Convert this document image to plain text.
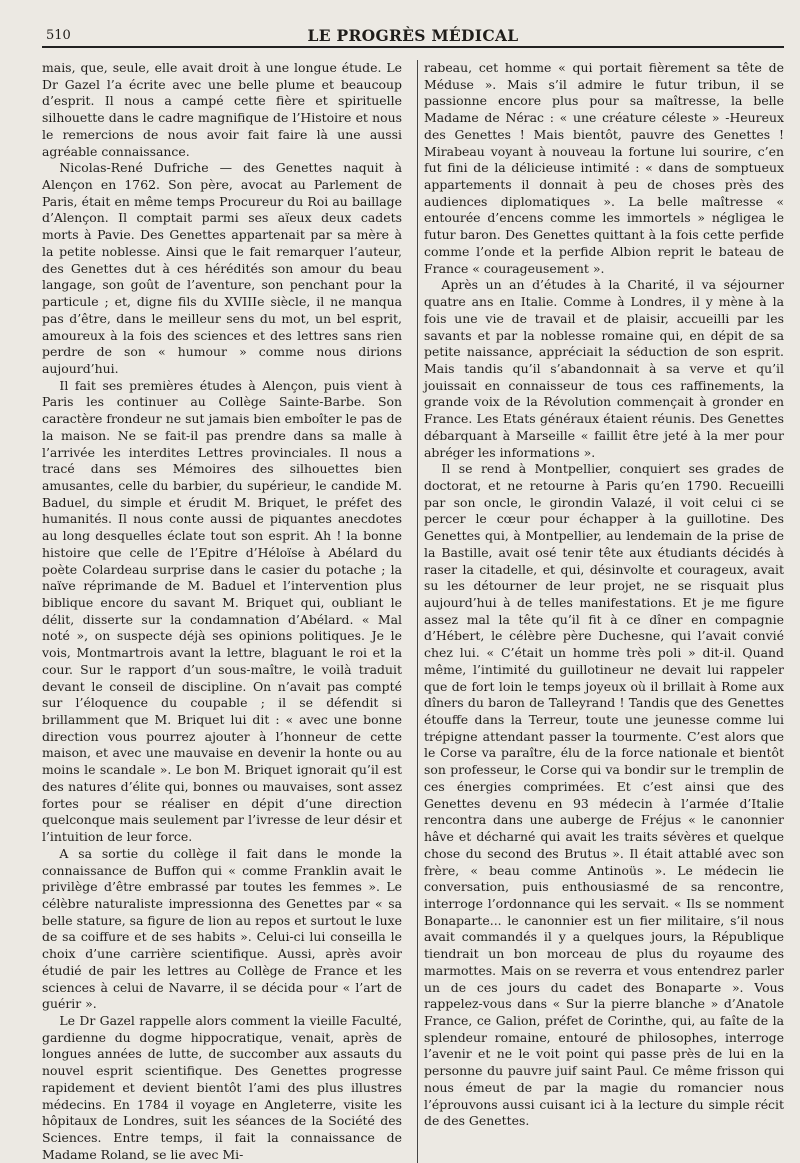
510	LE PROGRÈS MÉDICAL

mais, que, seule, elle avait droit à une longue étude. Le Dr Gazel l’a écrite avec une belle plume et beaucoup d’esprit. Il nous a campé cette fière et spirituelle silhouette dans le cadre magnifique de l’Histoire et nous le remercions de nous avoir fait faire là une aussi agréable connaissance.

Nicolas-René Dufriche — des Genettes naquit à Alençon en 1762. Son père, avocat au Parlement de Paris, était en même temps Procureur du Roi au baillage d’Alençon. Il comptait parmi ses aïeux deux cadets morts à Pavie. Des Genettes appartenait par sa mère à la petite noblesse. Ainsi que le fait remarquer l’auteur, des Genettes dut à ces hérédités son amour du beau langage, son goût de l’aventure, son penchant pour la particule ; et, digne fils du XVIIIe siècle, il ne manqua pas d’être, dans le meilleur sens du mot, un bel esprit, amoureux à la fois des sciences et des lettres sans rien perdre de son « humour » comme nous dirions aujourd’hui.

Il fait ses premières études à Alençon, puis vient à Paris les continuer au Collège Sainte-Barbe. Son caractère frondeur ne sut jamais bien emboîter le pas de la maison. Ne se fait-il pas prendre dans sa malle à l’arrivée les interdites Lettres provinciales. Il nous a tracé dans ses Mémoires des silhouettes bien amusantes, celle du barbier, du supérieur, le candide M. Baduel, du simple et érudit M. Briquet, le préfet des humanités. Il nous conte aussi de piquantes anecdotes au long desquelles éclate tout son esprit. Ah ! la bonne histoire que celle de l’Epitre d’Héloïse à Abélard du poète Colardeau surprise dans le casier du potache ; la naïve réprimande de M. Baduel et l’intervention plus biblique encore du savant M. Briquet qui, oubliant le délit, disserte sur la condamnation d’Abélard. « Mal noté », on suspecte déjà ses opinions politiques. Je le vois, Montmartrois avant la lettre, blaguant le roi et la cour. Sur le rapport d’un sous-maître, le voilà traduit devant le conseil de discipline. On n’avait pas compté sur l’éloquence du coupable ; il se défendit si brillamment que M. Briquet lui dit : « avec une bonne direction vous pourrez ajouter à l’honneur de cette maison, et avec une mauvaise en devenir la honte ou au moins le scandale ». Le bon M. Briquet ignorait qu’il est des natures d’élite qui, bonnes ou mauvaises, sont assez fortes pour se réaliser en dépit d’une direction quelconque mais seulement par l’ivresse de leur désir et l’intuition de leur force.

A sa sortie du collège il fait dans le monde la connaissance de Buffon qui « comme Franklin avait le privilège d’être embrassé par toutes les femmes ». Le célèbre naturaliste impressionna des Genettes par « sa belle stature, sa figure de lion au repos et surtout le luxe de sa coiffure et de ses habits ». Celui-ci lui conseilla le choix d’une carrière scientifique. Aussi, après avoir étudié de pair les lettres au Collège de France et les sciences à celui de Navarre, il se décida pour « l’art de guérir ».

Le Dr Gazel rappelle alors comment la vieille Faculté, gardienne du dogme hippocratique, venait, après de longues années de lutte, de succomber aux assauts du nouvel esprit scientifique. Des Genettes progresse rapidement et devient bientôt l’ami des plus illustres médecins. En 1784 il voyage en Angleterre, visite les hôpitaux de Londres, suit les séances de la Société des Sciences. Entre temps, il fait la connaissance de Madame Roland, se lie avec Mi-

rabeau, cet homme « qui portait fièrement sa tête de Méduse ». Mais s’il admire le futur tribun, il se passionne encore plus pour sa maîtresse, la belle Madame de Nérac : « une créature céleste » -Heureux des Genettes ! Mais bientôt, pauvre des Genettes ! Mirabeau voyant à nouveau la fortune lui sourire, c’en fut fini de la délicieuse intimité : « dans de somptueux appartements il donnait à peu de choses près des audiences diplomatiques ». La belle maîtresse « entourée d’encens comme les immortels » négligea le futur baron. Des Genettes quittant à la fois cette perfide comme l’onde et la perfide Albion reprit le bateau de France « courageusement ».

Après un an d’études à la Charité, il va séjourner quatre ans en Italie. Comme à Londres, il y mène à la fois une vie de travail et de plaisir, accueilli par les savants et par la noblesse romaine qui, en dépit de sa petite naissance, appréciait la séduction de son esprit. Mais tandis qu’il s’abandonnait à sa verve et qu’il jouissait en connaisseur de tous ces raffinements, la grande voix de la Révolution commençait à gronder en France. Les Etats généraux étaient réunis. Des Genettes débarquant à Marseille « faillit être jeté à la mer pour abréger les informations ».

Il se rend à Montpellier, conquiert ses grades de doctorat, et ne retourne à Paris qu’en 1790. Recueilli par son oncle, le girondin Valazé, il voit celui ci se percer le cœur pour échapper à la guillotine. Des Genettes qui, à Montpellier, au lendemain de la prise de la Bastille, avait osé tenir tête aux étudiants décidés à raser la citadelle, et qui, désinvolte et courageux, avait su les détourner de leur projet, ne se risquait plus aujourd’hui à de telles manifestations. Et je me figure assez mal la tête qu’il fit à ce dîner en compagnie d’Hébert, le célèbre père Duchesne, qui l’avait convié chez lui. « C’était un homme très poli » dit-il. Quand même, l’intimité du guillotineur ne devait lui rappeler que de fort loin le temps joyeux où il brillait à Rome aux dîners du baron de Talleyrand ! Tandis que des Genettes étouffe dans la Terreur, toute une jeunesse comme lui trépigne attendant passer la tourmente. C’est alors que le Corse va paraître, élu de la force nationale et bientôt son professeur, le Corse qui va bondir sur le tremplin de ces énergies comprimées. Et c’est ainsi que des Genettes devenu en 93 médecin à l’armée d’Italie rencontra dans une auberge de Fréjus « le canonnier hâve et décharné qui avait les traits sévères et quelque chose du second des Brutus ». Il était attablé avec son frère, « beau comme Antinoüs ». Le médecin lie conversation, puis enthousiasmé de sa rencontre, interroge l’ordonnance qui les servait. « Ils se nomment Bonaparte... le canonnier est un fier militaire, s’il nous avait commandés il y a quelques jours, la République tiendrait un bon morceau de plus du royaume des marmottes. Mais on se reverra et vous entendrez parler un de ces jours du cadet des Bonaparte ». Vous rappelez-vous dans « Sur la pierre blanche » d’Anatole France, ce Galion, préfet de Corinthe, qui, au faîte de la splendeur romaine, entouré de philosophes, interroge l’avenir et ne le voit point qui passe près de lui en la personne du pauvre juif saint Paul. Ce même frisson qui nous émeut de par la magie du romancier nous l’éprouvons aussi cuisant ici à la lecture du simple récit de des Genettes.
